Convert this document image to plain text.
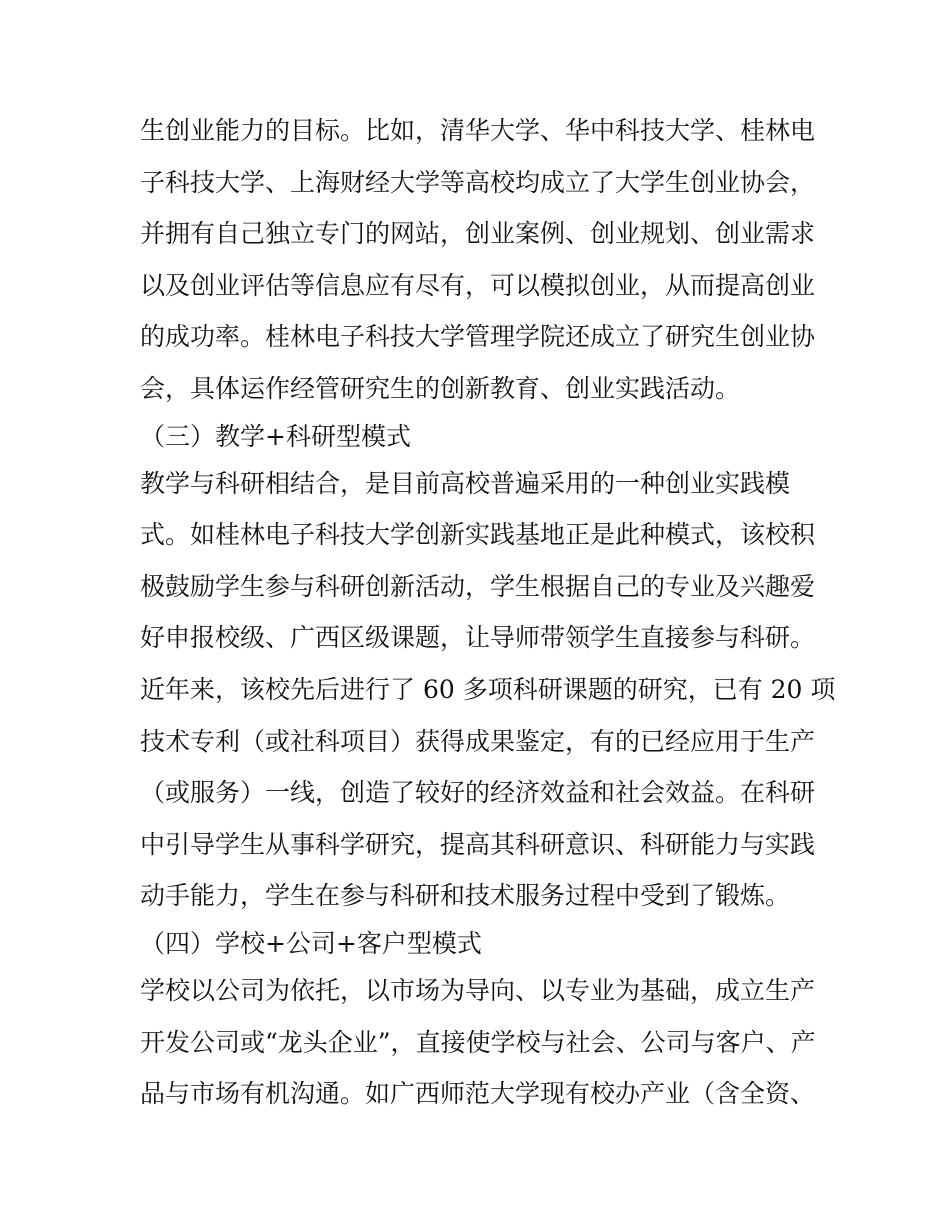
生创业能力的目标。比如，清华大学、华中科技大学、桂林电

子科技大学、上海财经大学等高校均成立了大学生创业协会，

并拥有自己独立专门的网站，创业案例、创业规划、创业需求

以及创业评估等信息应有尽有，可以模拟创业，从而提高创业

的成功率。桂林电子科技大学管理学院还成立了研究生创业协

会，具体运作经管研究生的创新教育、创业实践活动。

（三）教学+科研型模式

教学与科研相结合，是目前高校普遍采用的一种创业实践模

式。如桂林电子科技大学创新实践基地正是此种模式，该校积

极鼓励学生参与科研创新活动，学生根据自己的专业及兴趣爱

好申报校级、广西区级课题，让导师带领学生直接参与科研。

近年来，该校先后进行了 60 多项科研课题的研究，已有 20 项

技术专利（或社科项目）获得成果鉴定，有的已经应用于生产

（或服务）一线，创造了较好的经济效益和社会效益。在科研

中引导学生从事科学研究，提高其科研意识、科研能力与实践

动手能力，学生在参与科研和技术服务过程中受到了锻炼。

（四）学校+公司+客户型模式

学校以公司为依托，以市场为导向、以专业为基础，成立生产

开发公司或“龙头企业”，直接使学校与社会、公司与客户、产

品与市场有机沟通。如广西师范大学现有校办产业（含全资、
